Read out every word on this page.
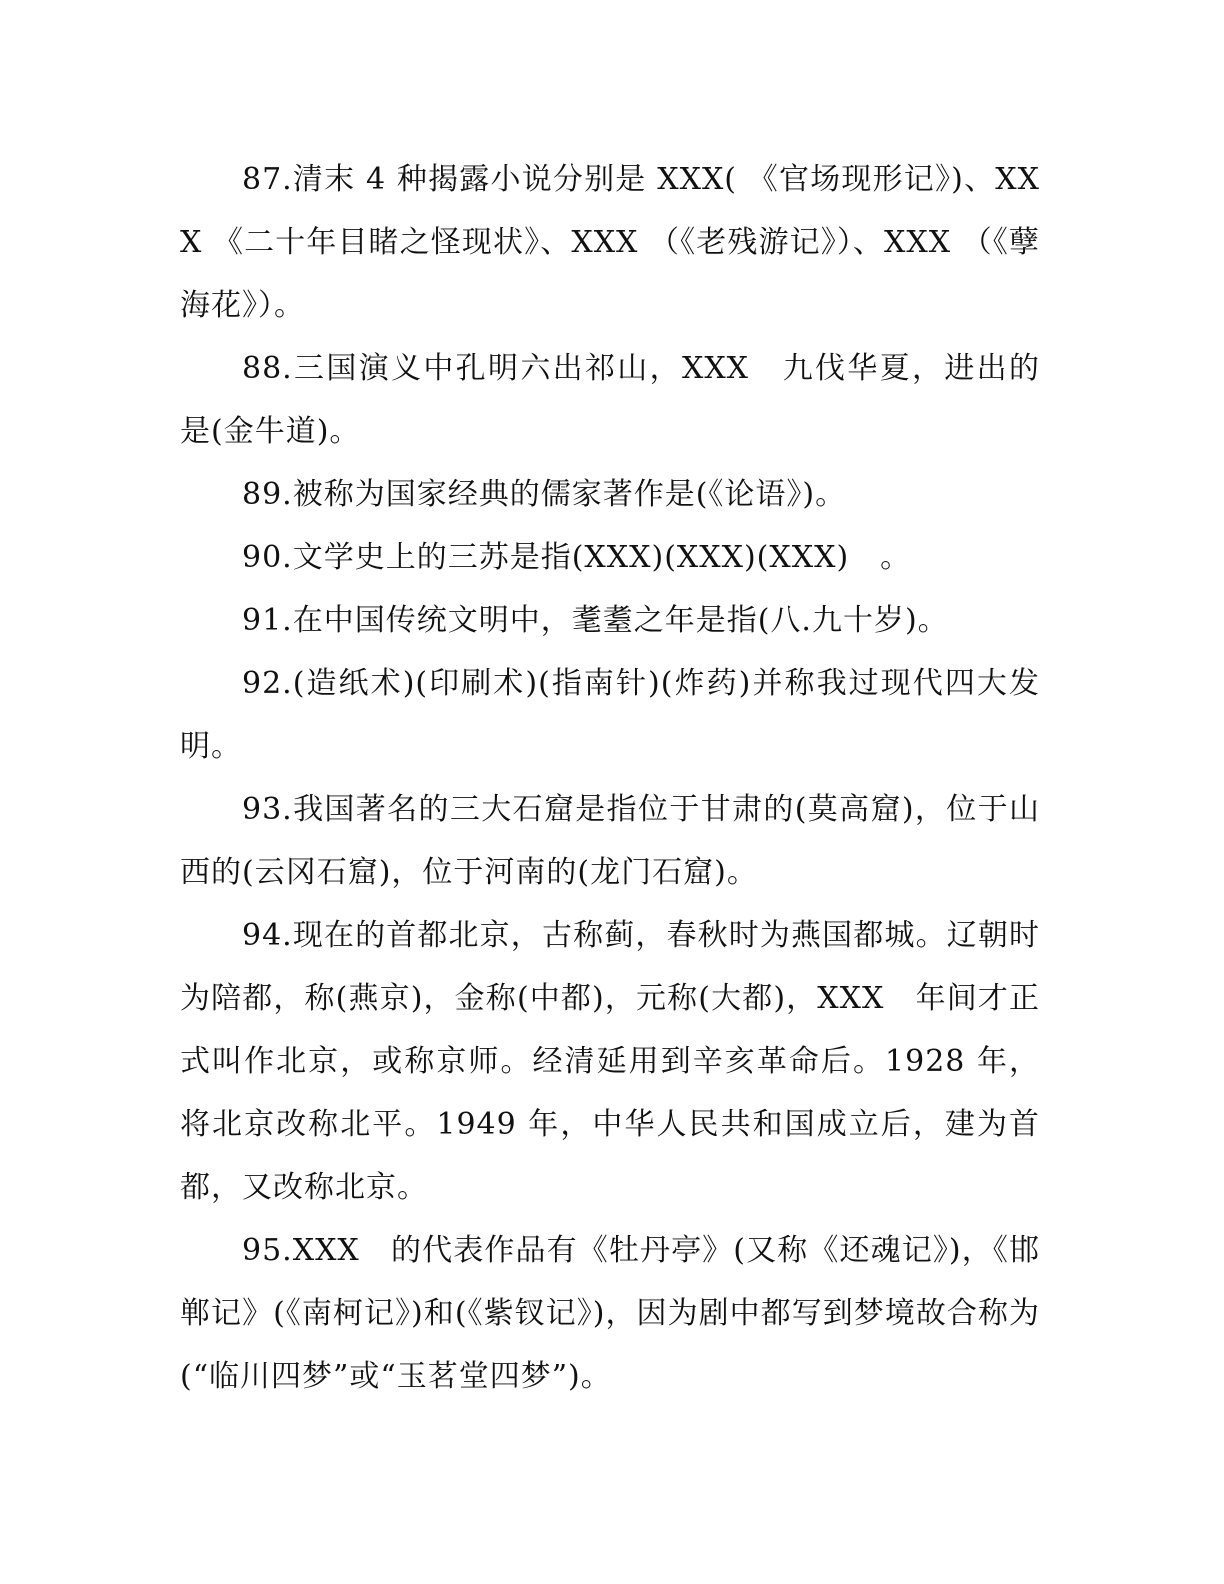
87.清末 4 种揭露小说分别是 XXX( 《官场现形记》)、XXX 《二十年目睹之怪现状》、XXX （《老残游记》）、XXX （《孽海花》）。

88.三国演义中孔明六出祁山，XXX　九伐华夏，进出的是(金牛道)。

89.被称为国家经典的儒家著作是(《论语》)。

90.文学史上的三苏是指(XXX)(XXX)(XXX)　。

91.在中国传统文明中，耄耋之年是指(八.九十岁)。

92.(造纸术)(印刷术)(指南针)(炸药)并称我过现代四大发明。

93.我国著名的三大石窟是指位于甘肃的(莫高窟)，位于山西的(云冈石窟)，位于河南的(龙门石窟)。

94.现在的首都北京，古称蓟，春秋时为燕国都城。辽朝时为陪都，称(燕京)，金称(中都)，元称(大都)，XXX　年间才正式叫作北京，或称京师。经清延用到辛亥革命后。1928 年，将北京改称北平。1949 年，中华人民共和国成立后，建为首都，又改称北京。

95.XXX　的代表作品有《牡丹亭》(又称《还魂记》)，《邯郸记》(《南柯记》)和(《紫钗记》)，因为剧中都写到梦境故合称为(“临川四梦”或“玉茗堂四梦”)。
